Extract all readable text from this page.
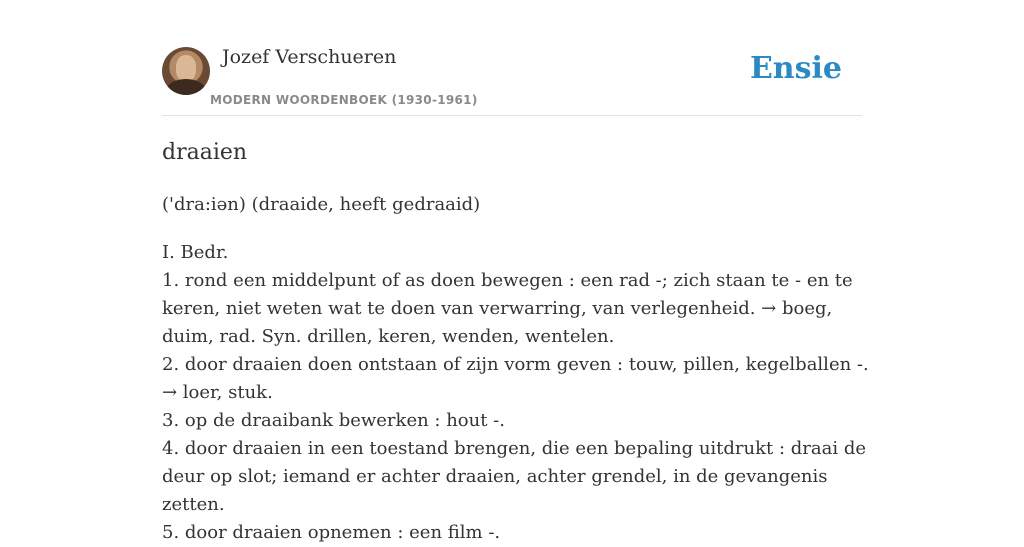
Jozef Verschueren
MODERN WOORDENBOEK (1930-1961)
Ensie
draaien
('dra:iən) (draaide, heeft gedraaid)
I. Bedr.
1. rond een middelpunt of as doen bewegen : een rad -; zich staan te - en te keren, niet weten wat te doen van verwarring, van verlegenheid. → boeg, duim, rad. Syn. drillen, keren, wenden, wentelen.
2. door draaien doen ontstaan of zijn vorm geven : touw, pillen, kegelballen -. → loer, stuk.
3. op de draaibank bewerken : hout -.
4. door draaien in een toestand brengen, die een bepaling uitdrukt : draai de deur op slot; iemand er achter draaien, achter grendel, in de gevangenis zetten.
5. door draaien opnemen : een film -.
